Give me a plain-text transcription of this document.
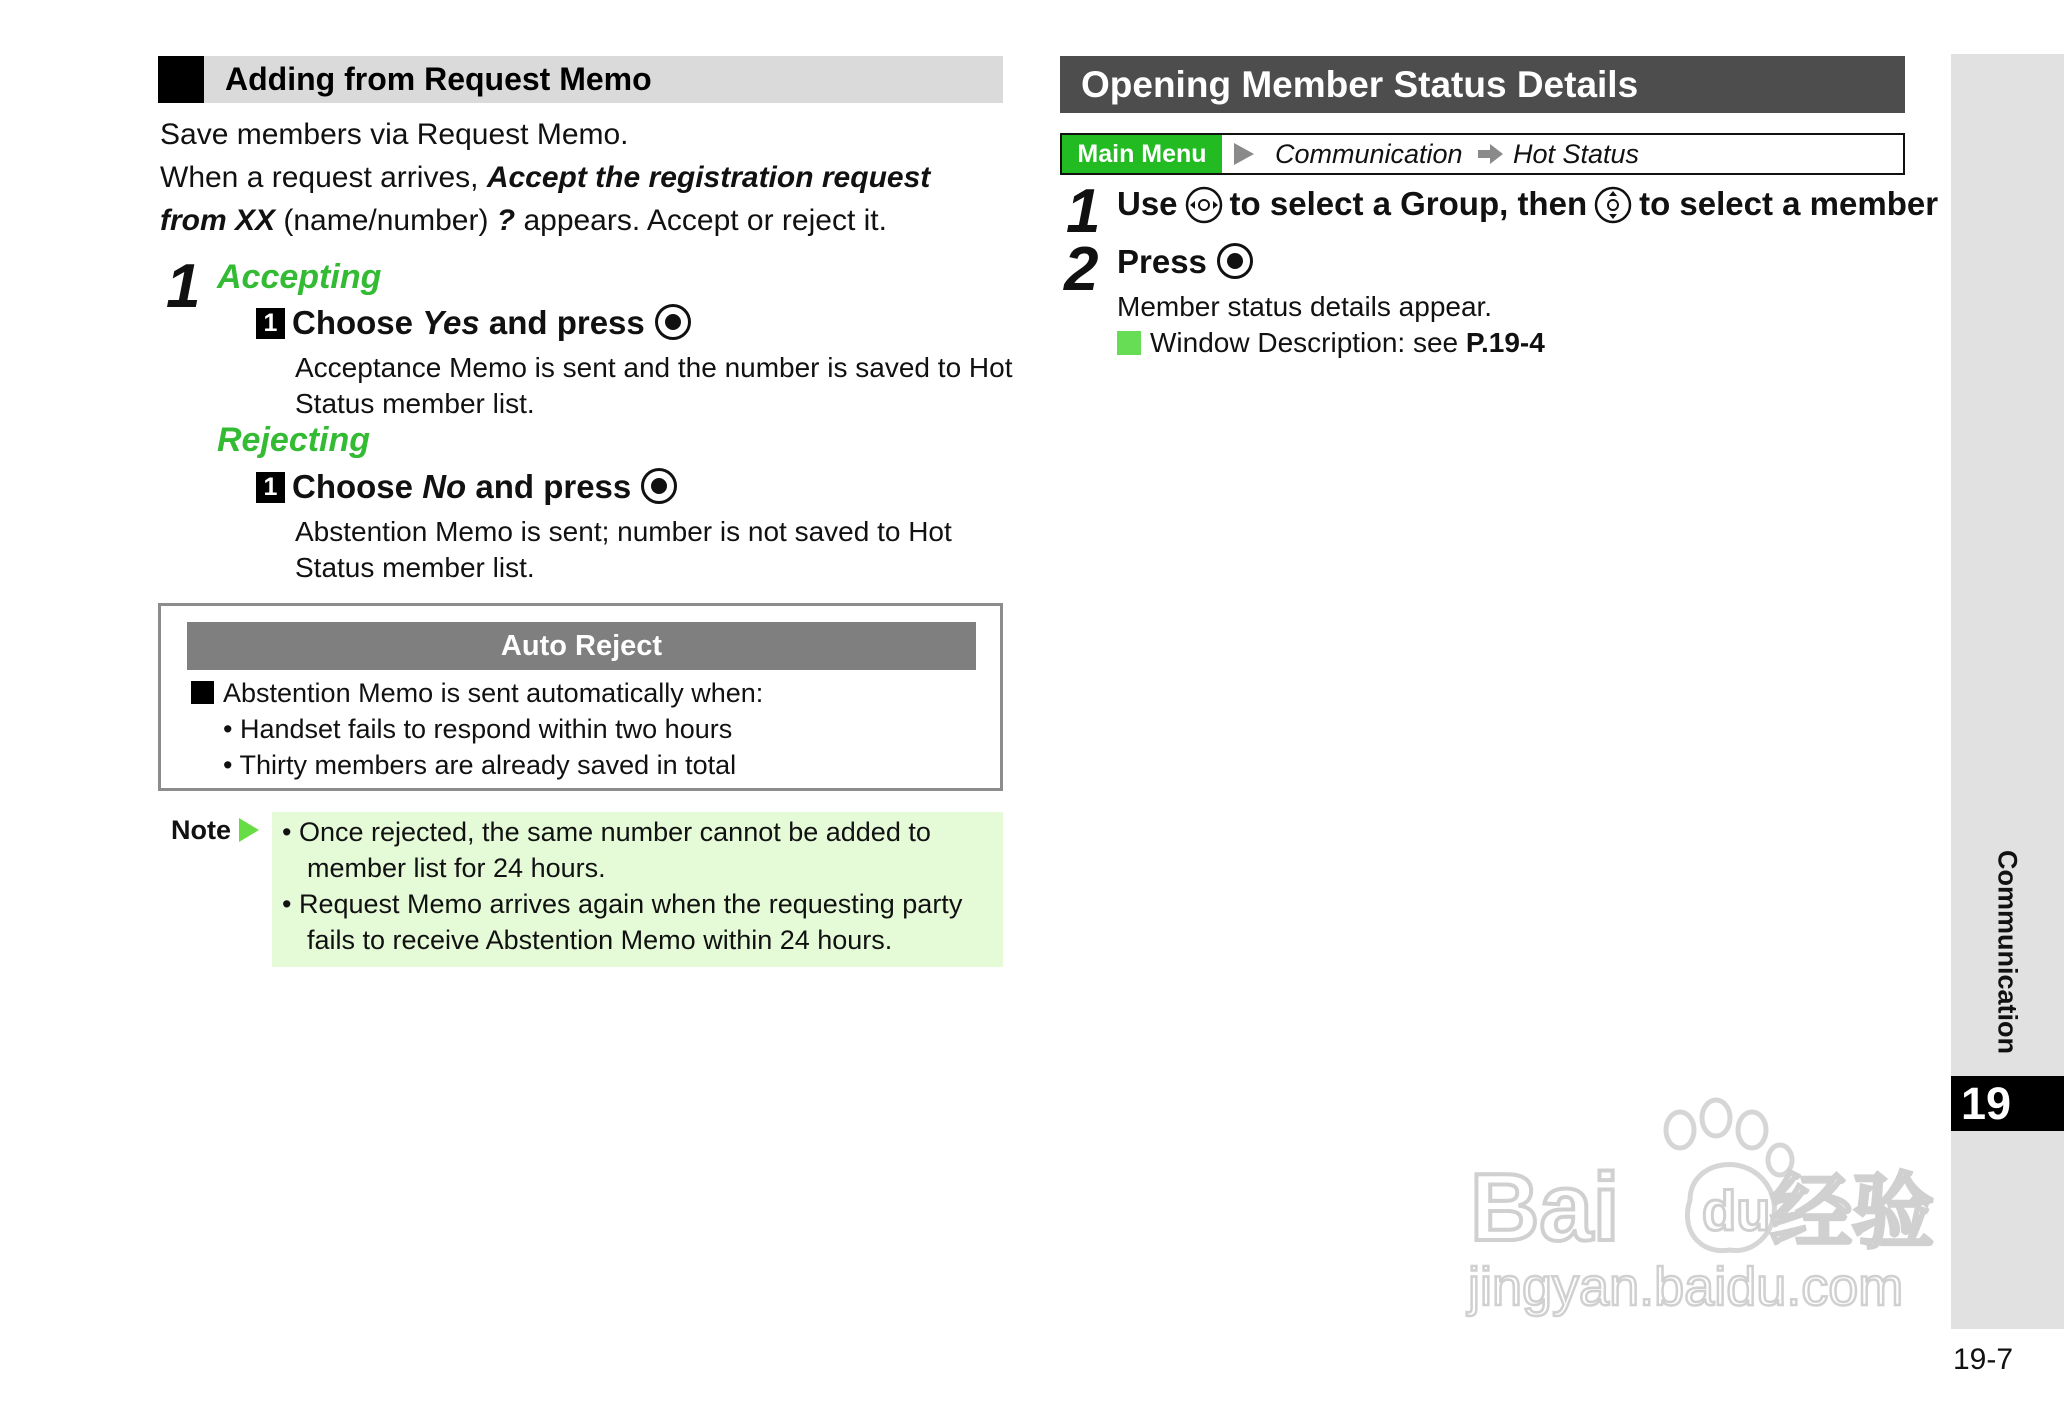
Adding from Request Memo
Save members via Request Memo.
When a request arrives, Accept the registration request
from XX (name/number) ? appears. Accept or reject it.
1 Accepting
1 Choose Yes and press
Acceptance Memo is sent and the number is saved to Hot
Status member list.
Rejecting
1 Choose No and press
Abstention Memo is sent; number is not saved to Hot
Status member list.
Auto Reject
Abstention Memo is sent automatically when:
• Handset fails to respond within two hours
• Thirty members are already saved in total
Note	• Once rejected, the same number cannot be added to
member list for 24 hours.
• Request Memo arrives again when the requesting party
fails to receive Abstention Memo within 24 hours.
Opening Member Status Details
Main Menu	Communication Hot Status
1 Use to select a Group, then to select a member
2 Press
Member status details appear.
Window Description: see P.19-4
Communication
19
19-7
Bai du 经验
jingyan.baidu.com
